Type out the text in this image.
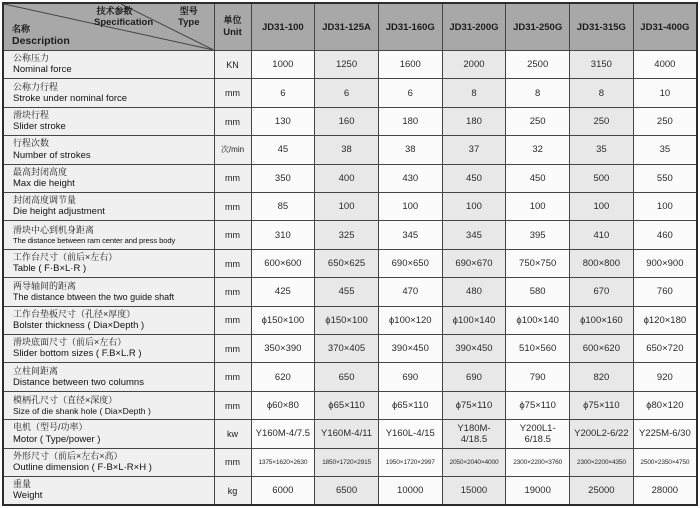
技术参数
Specification
型号
Type
名称
Description

单位
Unit	JD31-100	JD31-125A	JD31-160G	JD31-200G	JD31-250G	JD31-315G	JD31-400G

公称压力
Nominal force	KN	1000	1250	1600	2000	2500	3150	4000

公称力行程
Stroke under nominal force	mm	6	6	6	8	8	8	10

滑块行程
Slider stroke	mm	130	160	180	180	250	250	250

行程次数
Number of strokes	次/min	45	38	38	37	32	35	35

最高封闭高度
Max die height	mm	350	400	430	450	450	500	550

封闭高度调节量
Die height adjustment	mm	85	100	100	100	100	100	100

滑块中心到机身距离
The distance between ram center and press body	mm	310	325	345	345	395	410	460

工作台尺寸（前后×左右）
Table ( F·B×L·R )	mm	600×600	650×625	690×650	690×670	750×750	800×800	900×900

两导轴间的距离
The distance btween the two guide shaft	mm	425	455	470	480	580	670	760

工作台垫板尺寸（孔径×厚度）
Bolster thickness ( Dia×Depth )	mm	ϕ150×100	ϕ150×100	ϕ100×120	ϕ100×140	ϕ100×140	ϕ100×160	ϕ120×180

滑块底面尺寸（前后×左右）
Slider bottom sizes ( F.B×L.R )	mm	350×390	370×405	390×450	390×450	510×560	600×620	650×720

立柱间距离
Distance between two columns	mm	620	650	690	690	790	820	920

模柄孔尺寸（直径×深度）
Size of die shank hole ( Dia×Depth )	mm	ϕ60×80	ϕ65×110	ϕ65×110	ϕ75×110	ϕ75×110	ϕ75×110	ϕ80×120

电机（型号/功率）
Motor ( Type/power )	kw	Y160M-4/7.5	Y160M-4/11	Y160L-4/15	Y180M-4/18.5	Y200L1-6/18.5	Y200L2-6/22	Y225M-6/30

外形尺寸（前后×左右×高）
Outline dimension ( F·B×L·R×H )	mm	1375×1620×2630	1850×1720×2915	1950×1720×2997	2050×2040×4000	2300×2200×3760	2300×2200×4350	2500×2350×4750

重量
Weight	kg	6000	6500	10000	15000	19000	25000	28000
